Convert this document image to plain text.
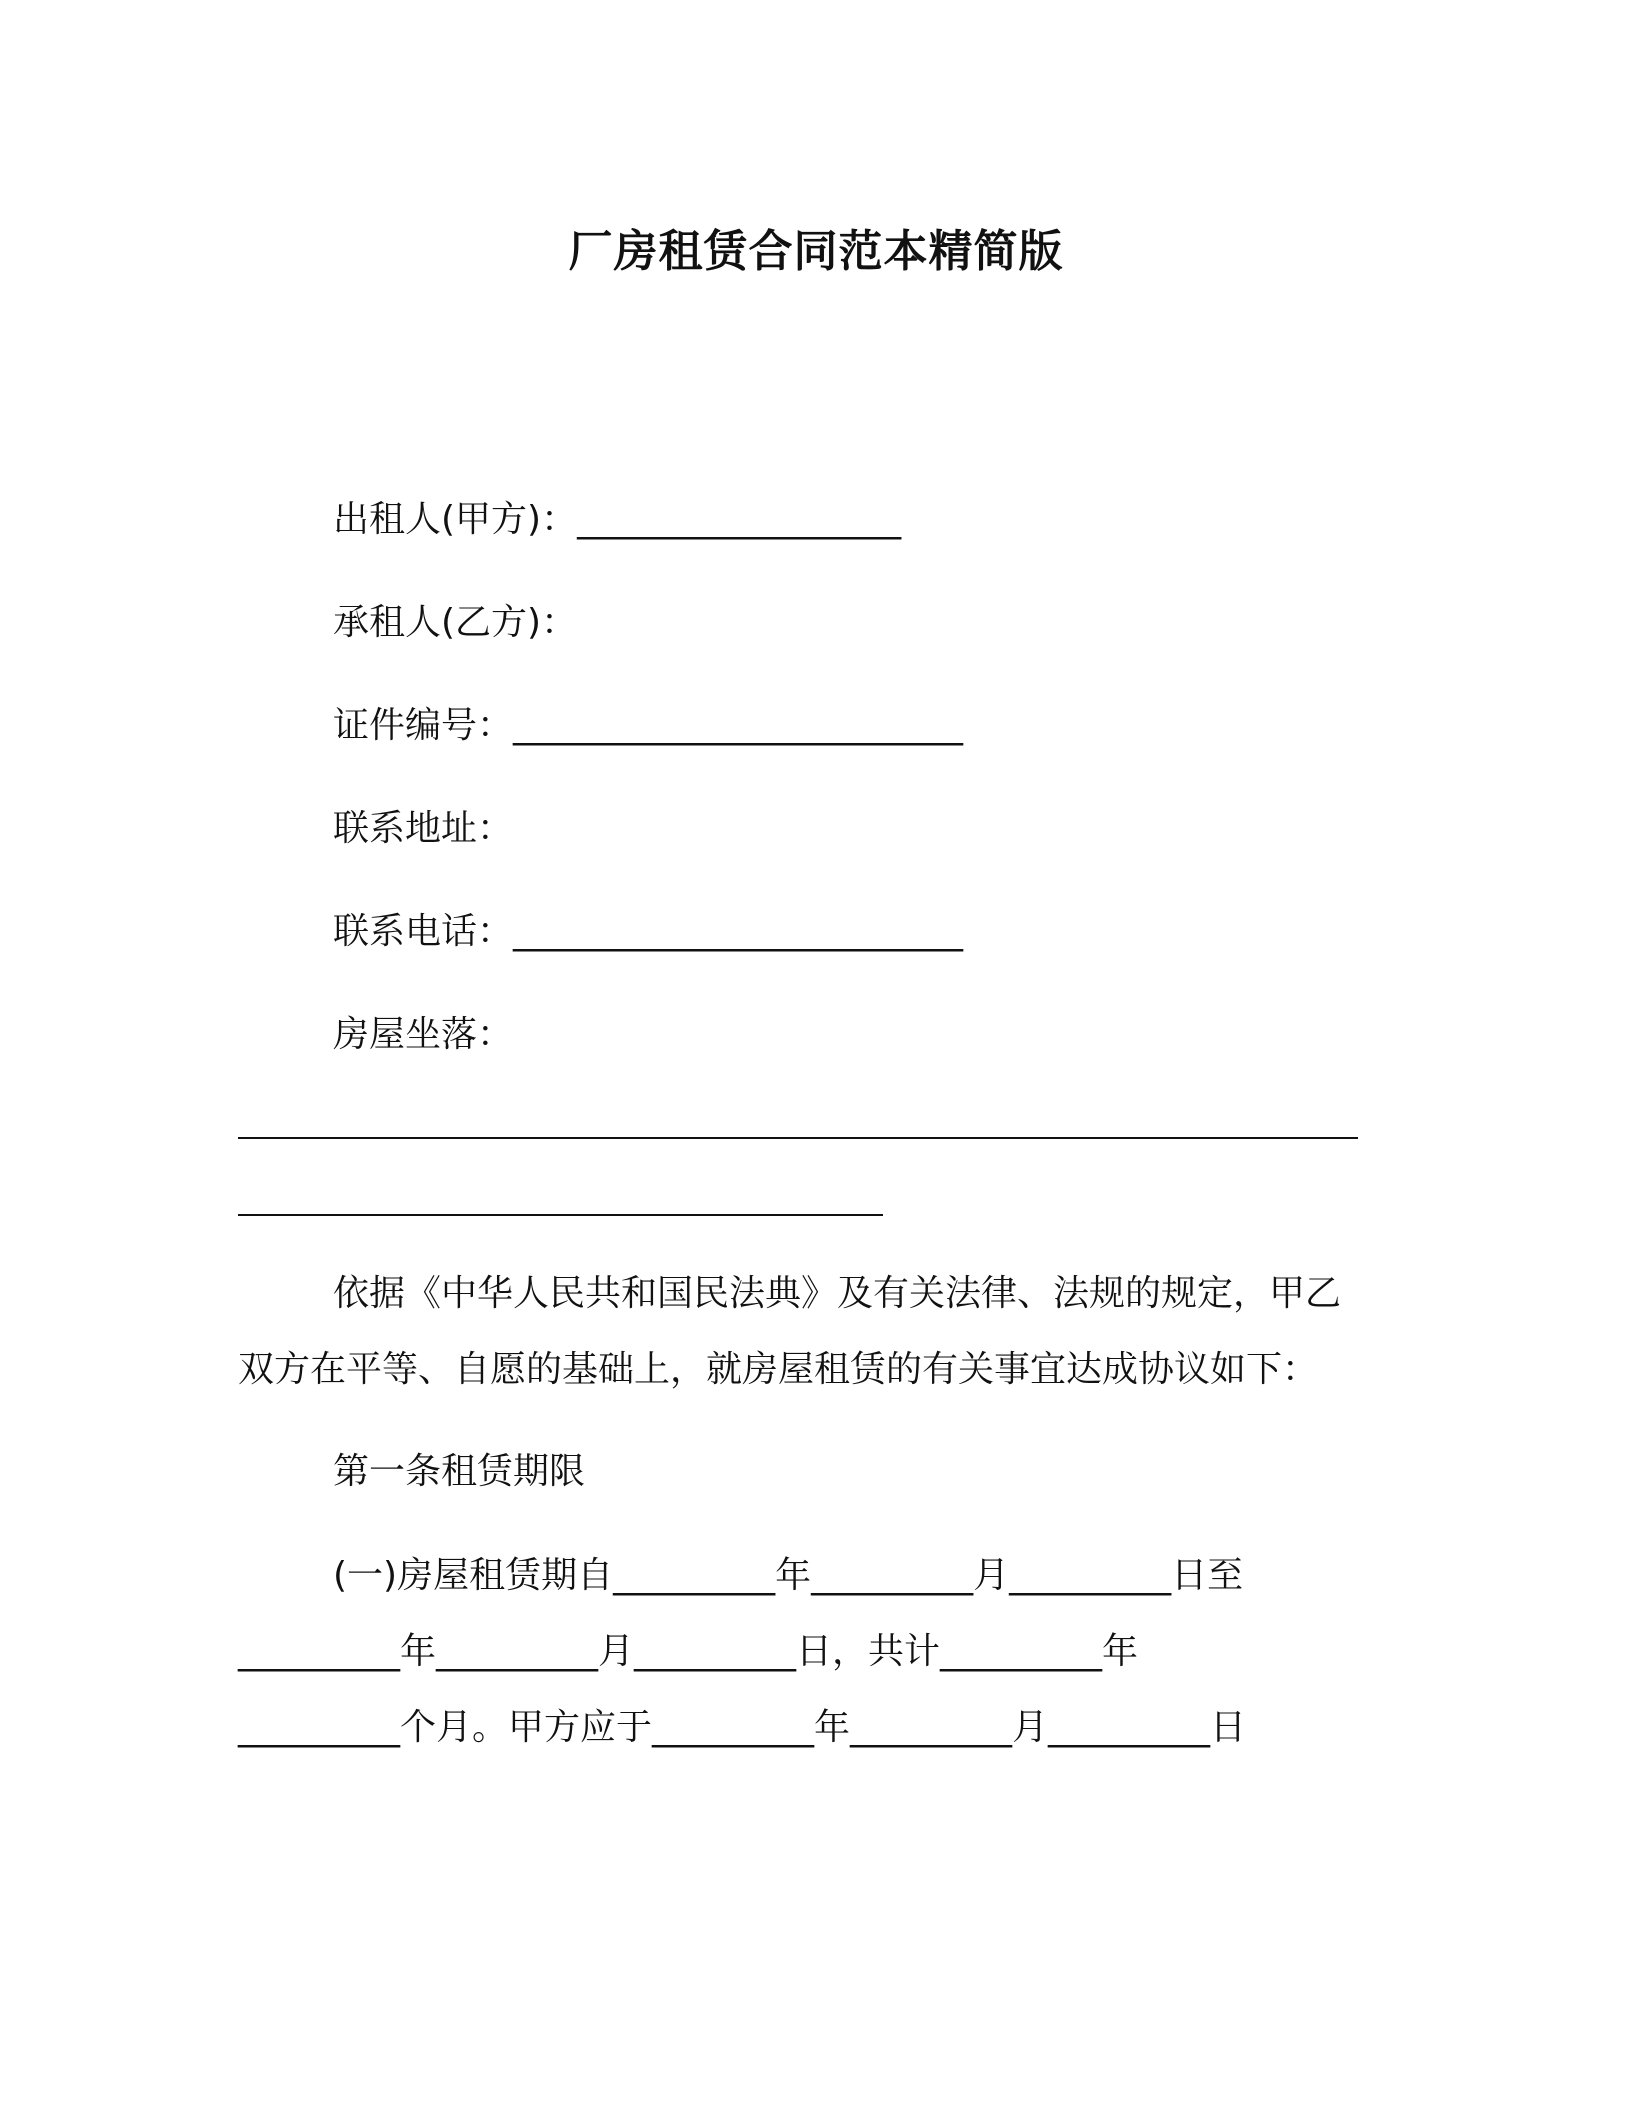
厂房租赁合同范本精简版
出租人(甲方)：__________________
承租人(乙方)：
证件编号：_________________________
联系地址：
联系电话：_________________________
房屋坐落：
依据《中华人民共和国民法典》及有关法律、法规的规定，甲乙
双方在平等、自愿的基础上，就房屋租赁的有关事宜达成协议如下：
第一条租赁期限
(一)房屋租赁期自_________年_________月_________日至
_________年_________月_________日，共计_________年
_________个月。甲方应于_________年_________月_________日
